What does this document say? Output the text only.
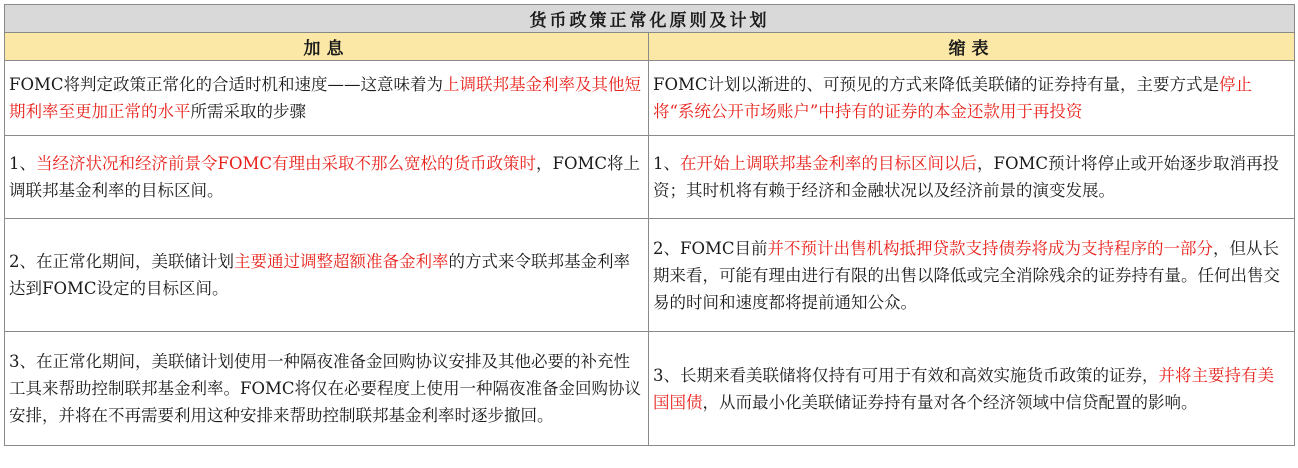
货币政策正常化原则及计划	
加息	缩表
FOMC将判定政策正常化的合适时机和速度——这意味着为上调联邦基金利率及其他短期利率至更加正常的水平所需采取的步骤	FOMC计划以渐进的、可预见的方式来降低美联储的证券持有量，主要方式是停止将“系统公开市场账户”中持有的证券的本金还款用于再投资
1、当经济状况和经济前景令FOMC有理由采取不那么宽松的货币政策时，FOMC将上调联邦基金利率的目标区间。	1、在开始上调联邦基金利率的目标区间以后，FOMC预计将停止或开始逐步取消再投资；其时机将有赖于经济和金融状况以及经济前景的演变发展。
2、在正常化期间，美联储计划主要通过调整超额准备金利率的方式来令联邦基金利率达到FOMC设定的目标区间。	2、FOMC目前并不预计出售机构抵押贷款支持债券将成为支持程序的一部分，但从长期来看，可能有理由进行有限的出售以降低或完全消除残余的证券持有量。任何出售交易的时间和速度都将提前通知公众。
3、在正常化期间，美联储计划使用一种隔夜准备金回购协议安排及其他必要的补充性工具来帮助控制联邦基金利率。FOMC将仅在必要程度上使用一种隔夜准备金回购协议安排，并将在不再需要利用这种安排来帮助控制联邦基金利率时逐步撤回。	3、长期来看美联储将仅持有可用于有效和高效实施货币政策的证券，并将主要持有美国国债，从而最小化美联储证券持有量对各个经济领域中信贷配置的影响。
